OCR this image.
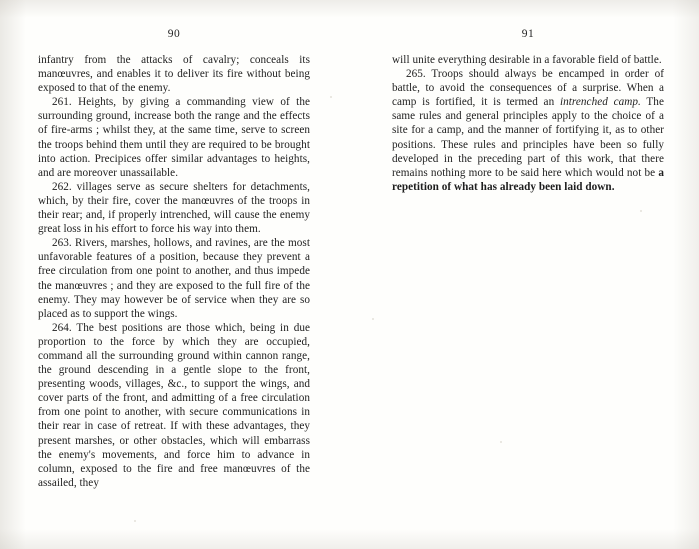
90

infantry from the attacks of cavalry; conceals its manœuvres, and enables it to deliver its fire without being exposed to that of the enemy.

261. Heights, by giving a commanding view of the surrounding ground, increase both the range and the effects of fire-arms ; whilst they, at the same time, serve to screen the troops behind them until they are required to be brought into action. Precipices offer similar advantages to heights, and are moreover unassailable.

262. villages serve as secure shelters for detachments, which, by their fire, cover the manœuvres of the troops in their rear; and, if properly intrenched, will cause the enemy great loss in his effort to force his way into them.

263. Rivers, marshes, hollows, and ravines, are the most unfavorable features of a position, because they prevent a free circulation from one point to another, and thus impede the manœuvres ; and they are exposed to the full fire of the enemy. They may however be of service when they are so placed as to support the wings.

264. The best positions are those which, being in due proportion to the force by which they are occupied, command all the surrounding ground within cannon range, the ground descending in a gentle slope to the front, presenting woods, villages, &c., to support the wings, and cover parts of the front, and admitting of a free circulation from one point to another, with secure communications in their rear in case of retreat. If with these advantages, they present marshes, or other obstacles, which will embarrass the enemy's movements, and force him to advance in column, exposed to the fire and free manœuvres of the assailed, they

91

will unite everything desirable in a favorable field of battle.

265. Troops should always be encamped in order of battle, to avoid the consequences of a surprise. When a camp is fortified, it is termed an intrenched camp. The same rules and general principles apply to the choice of a site for a camp, and the manner of fortifying it, as to other positions. These rules and principles have been so fully developed in the preceding part of this work, that there remains nothing more to be said here which would not be a repetition of what has already been laid down.
